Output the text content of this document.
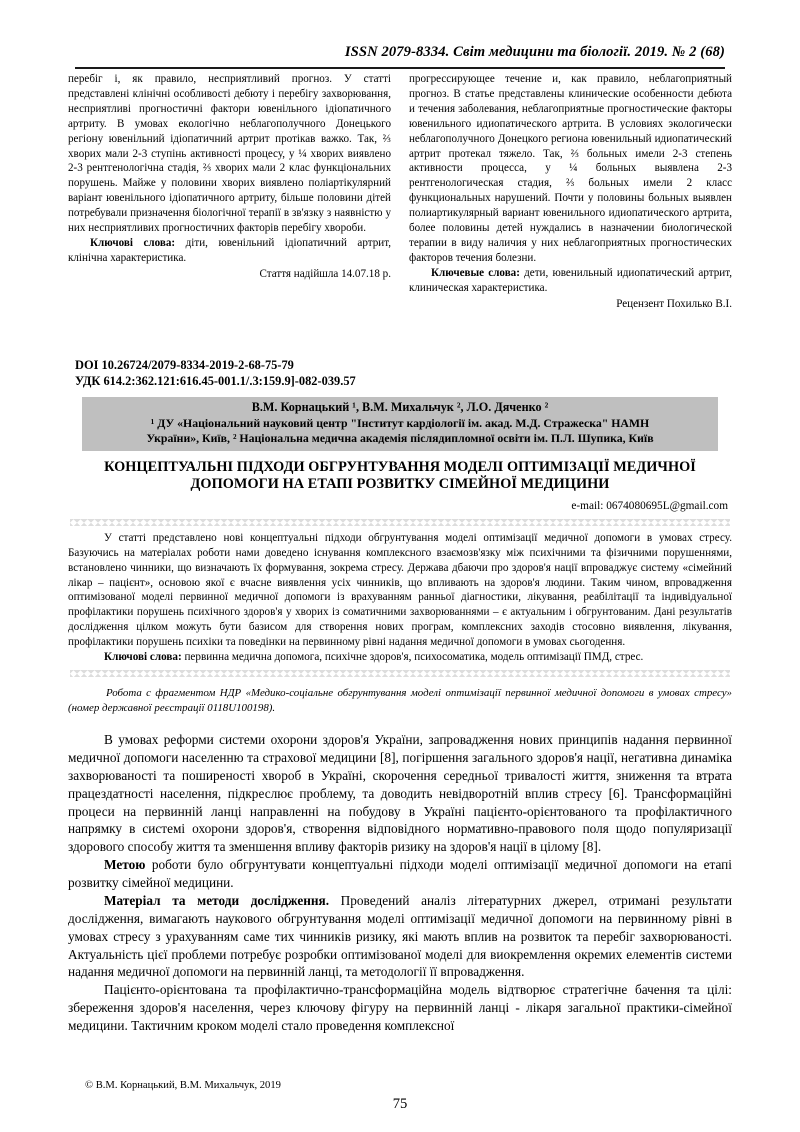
ISSN 2079-8334. Світ медицини та біології. 2019. № 2 (68)

перебіг і, як правило, несприятливий прогноз. У статті представлені клінічні особливості дебюту і перебігу захворювання, несприятливі прогностичні фактори ювенільного ідіопатичного артриту. В умовах екологічно неблагополучного Донецького регіону ювенільний ідіопатичний артрит протікав важко. Так, ⅔ хворих мали 2-3 ступінь активності процесу, у ¼ хворих виявлено 2-3 рентгенологічна стадія, ⅔ хворих мали 2 клас функціональних порушень. Майже у половини хворих виявлено поліартікулярний варіант ювенільного ідіопатичного артриту, більше половини дітей потребували призначення біологічної терапії в зв'язку з наявністю у них несприятливих прогностичних факторів перебігу хвороби.

Ключові слова: діти, ювенільний ідіопатичний артрит, клінічна характеристика.

Стаття надійшла 14.07.18 р.

прогрессирующее течение и, как правило, неблагоприятный прогноз. В статье представлены клинические особенности дебюта и течения заболевания, неблагоприятные прогностические факторы ювенильного идиопатического артрита. В условиях экологически неблагополучного Донецкого региона ювенильный идиопатический артрит протекал тяжело. Так, ⅔ больных имели 2-3 степень активности процесса, у ¼ больных выявлена 2-3 рентгенологическая стадия, ⅔ больных имели 2 класс функциональных нарушений. Почти у половины больных выявлен полиартикулярный вариант ювенильного идиопатического артрита, более половины детей нуждались в назначении биологической терапии в виду наличия у них неблагоприятных прогностических факторов течения болезни.

Ключевые слова: дети, ювенильный идиопатический артрит, клиническая характеристика.

Рецензент Похилько В.І.

DOI 10.26724/2079-8334-2019-2-68-75-79
УДК 614.2:362.121:616.45-001.1/.3:159.9]-082-039.57
В.М. Корнацький ¹, В.М. Михальчук ², Л.О. Дяченко ²
¹ ДУ «Національний науковий центр "Інститут кардіології ім. акад. М.Д. Стражеска" НАМН
України», Київ, ² Національна медична академія післядипломної освіти ім. П.Л. Шупика, Київ
КОНЦЕПТУАЛЬНІ ПІДХОДИ ОБГРУНТУВАННЯ МОДЕЛІ ОПТИМІЗАЦІЇ МЕДИЧНОЇ ДОПОМОГИ НА ЕТАПІ РОЗВИТКУ СІМЕЙНОЇ МЕДИЦИНИ
e-mail: 0674080695L@gmail.com

У статті представлено нові концептуальні підходи обгрунтування моделі оптимізації медичної допомоги в умовах стресу. Базуючись на матеріалах роботи нами доведено існування комплексного взаємозв'язку між психічними та фізичними порушеннями, встановлено чинники, що визначають їх формування, зокрема стресу. Держава дбаючи про здоров'я нації впроваджує систему «сімейний лікар – пацієнт», основою якої є вчасне виявлення усіх чинників, що впливають на здоров'я людини. Таким чином, впровадження оптимізованої моделі первинної медичної допомоги із врахуванням ранньої діагностики, лікування, реабілітації та індивідуальної профілактики порушень психічного здоров'я у хворих із соматичними захворюваннями – є актуальним і обгрунтованим. Дані результатів дослідження цілком можуть бути базисом для створення нових програм, комплексних заходів стосовно виявлення, лікування, профілактики порушень психіки та поведінки на первинному рівні надання медичної допомоги в умовах сьогодення.

Ключові слова: первинна медична допомога, психічне здоров'я, психосоматика, модель оптимізації ПМД, стрес.

Робота с фрагментом НДР «Медико-соціальне обгрунтування моделі оптимізації первинної медичної допомоги в умовах стресу» (номер державної реєстрації 0118U100198).

В умовах реформи системи охорони здоров'я України, запровадження нових принципів надання первинної медичної допомоги населенню та страхової медицини [8], погіршення загального здоров'я нації, негативна динаміка захворюваності та поширеності хвороб в Україні, скорочення середньої тривалості життя, зниження та втрата працездатності населення, підкреслює проблему, та доводить невідворотній вплив стресу [6]. Трансформаційні процеси на первинній ланці направленні на побудову в Україні пацієнто-орієнтованого та профілактичного напрямку в системі охорони здоров'я, створення відповідного нормативно-правового поля щодо популяризації здорового способу життя та зменшення впливу факторів ризику на здоров'я нації в цілому [8].

Метою роботи було обгрунтувати концептуальні підходи моделі оптимізації медичної допомоги на етапі розвитку сімейної медицини.

Матеріал та методи дослідження. Проведений аналіз літературних джерел, отримані результати дослідження, вимагають наукового обгрунтування моделі оптимізації медичної допомоги на первинному рівні в умовах стресу з урахуванням саме тих чинників ризику, які мають вплив на розвиток та перебіг захворюваності. Актуальність цієї проблеми потребує розробки оптимізованої моделі для виокремлення окремих елементів системи надання медичної допомоги на первинній ланці, та методології її впровадження.

Пацієнто-орієнтована та профілактично-трансформаційна модель відтворює стратегічне бачення та цілі: збереження здоров'я населення, через ключову фігуру на первинній ланці - лікаря загальної практики-сімейної медицини. Тактичним кроком моделі стало проведення комплексної

© В.М. Корнацький, В.М. Михальчук, 2019
75
